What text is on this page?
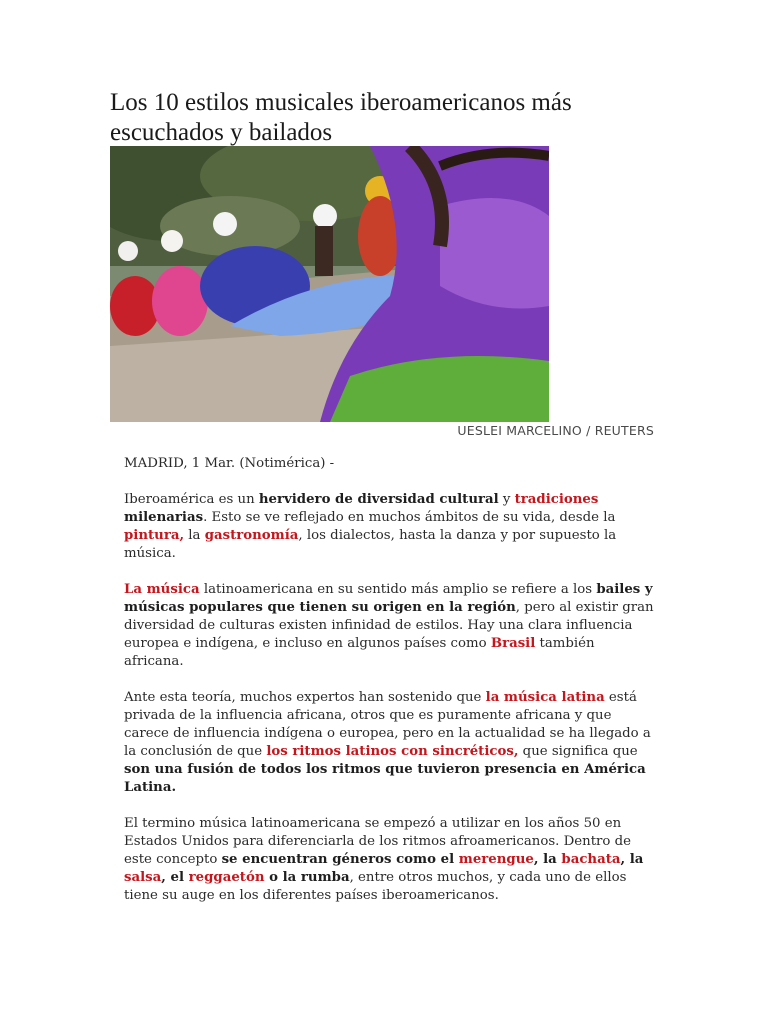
Los 10 estilos musicales iberoamericanos más escuchados y bailados
UESLEI MARCELINO / REUTERS

MADRID, 1 Mar. (Notimérica) -

Iberoamérica es un hervidero de diversidad cultural y tradiciones milenarias. Esto se ve reflejado en muchos ámbitos de su vida, desde la pintura, la gastronomía, los dialectos, hasta la danza y por supuesto la música.

La música latinoamericana en su sentido más amplio se refiere a los bailes y músicas populares que tienen su origen en la región, pero al existir gran diversidad de culturas existen infinidad de estilos. Hay una clara influencia europea e indígena, e incluso en algunos países como Brasil también africana.

Ante esta teoría, muchos expertos han sostenido que la música latina está privada de la influencia africana, otros que es puramente africana y que carece de influencia indígena o europea, pero en la actualidad se ha llegado a la conclusión de que los ritmos latinos con sincréticos, que significa que son una fusión de todos los ritmos que tuvieron presencia en América Latina.

El termino música latinoamericana se empezó a utilizar en los años 50 en Estados Unidos para diferenciarla de los ritmos afroamericanos. Dentro de este concepto se encuentran géneros como el merengue, la bachata, la salsa, el reggaetón o la rumba, entre otros muchos, y cada uno de ellos tiene su auge en los diferentes países iberoamericanos.
